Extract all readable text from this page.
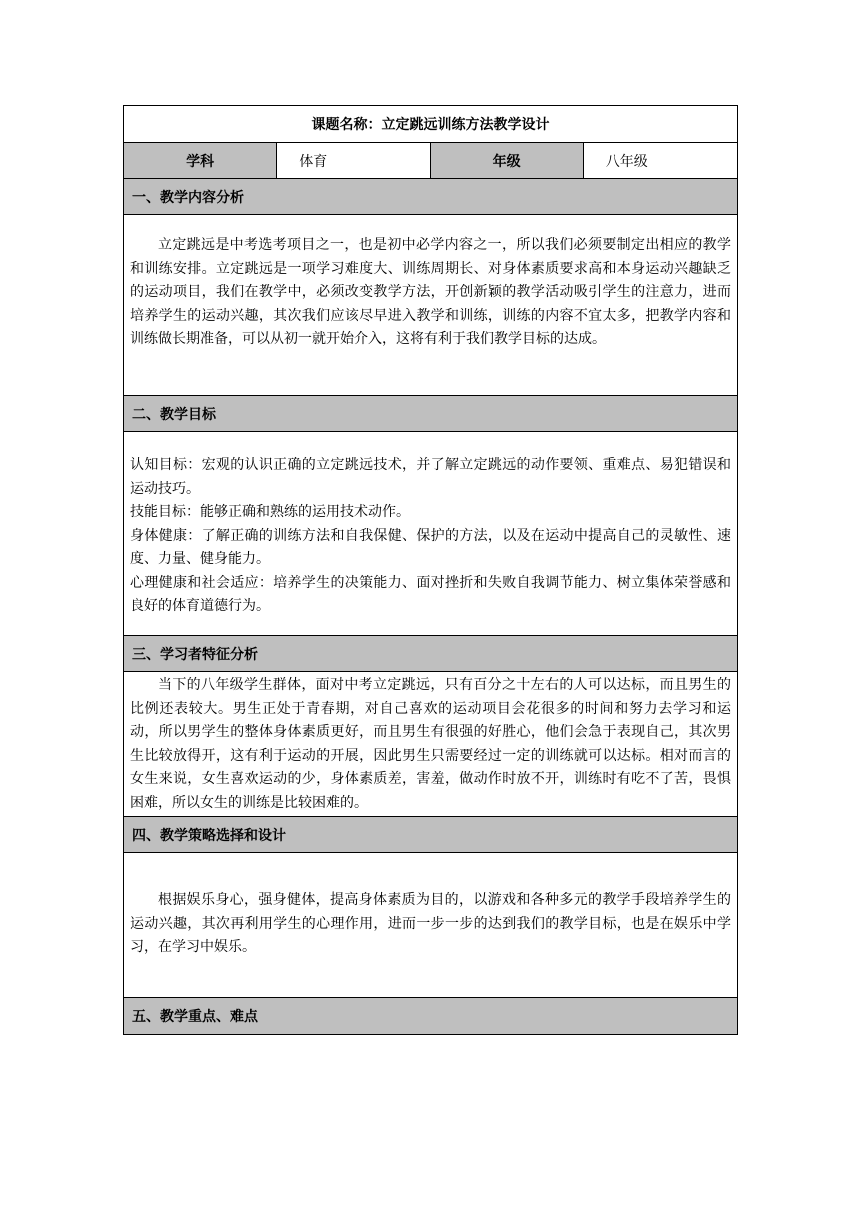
课题名称：立定跳远训练方法教学设计
学科	体育	年级	八年级
一、教学内容分析

立定跳远是中考选考项目之一，也是初中必学内容之一，所以我们必须要制定出相应的教学和训练安排。立定跳远是一项学习难度大、训练周期长、对身体素质要求高和本身运动兴趣缺乏的运动项目，我们在教学中，必须改变教学方法，开创新颖的教学活动吸引学生的注意力，进而培养学生的运动兴趣，其次我们应该尽早进入教学和训练，训练的内容不宜太多，把教学内容和训练做长期准备，可以从初一就开始介入，这将有利于我们教学目标的达成。

二、教学目标

认知目标：宏观的认识正确的立定跳远技术，并了解立定跳远的动作要领、重难点、易犯错误和运动技巧。

技能目标：能够正确和熟练的运用技术动作。

身体健康：了解正确的训练方法和自我保健、保护的方法，以及在运动中提高自己的灵敏性、速度、力量、健身能力。

心理健康和社会适应：培养学生的决策能力、面对挫折和失败自我调节能力、树立集体荣誉感和良好的体育道德行为。

三、学习者特征分析

当下的八年级学生群体，面对中考立定跳远，只有百分之十左右的人可以达标，而且男生的比例还表较大。男生正处于青春期，对自己喜欢的运动项目会花很多的时间和努力去学习和运动，所以男学生的整体身体素质更好，而且男生有很强的好胜心，他们会急于表现自己，其次男生比较放得开，这有利于运动的开展，因此男生只需要经过一定的训练就可以达标。相对而言的女生来说，女生喜欢运动的少，身体素质差，害羞，做动作时放不开，训练时有吃不了苦，畏惧困难，所以女生的训练是比较困难的。

四、教学策略选择和设计

根据娱乐身心，强身健体，提高身体素质为目的，以游戏和各种多元的教学手段培养学生的运动兴趣，其次再利用学生的心理作用，进而一步一步的达到我们的教学目标，也是在娱乐中学习，在学习中娱乐。

五、教学重点、难点
